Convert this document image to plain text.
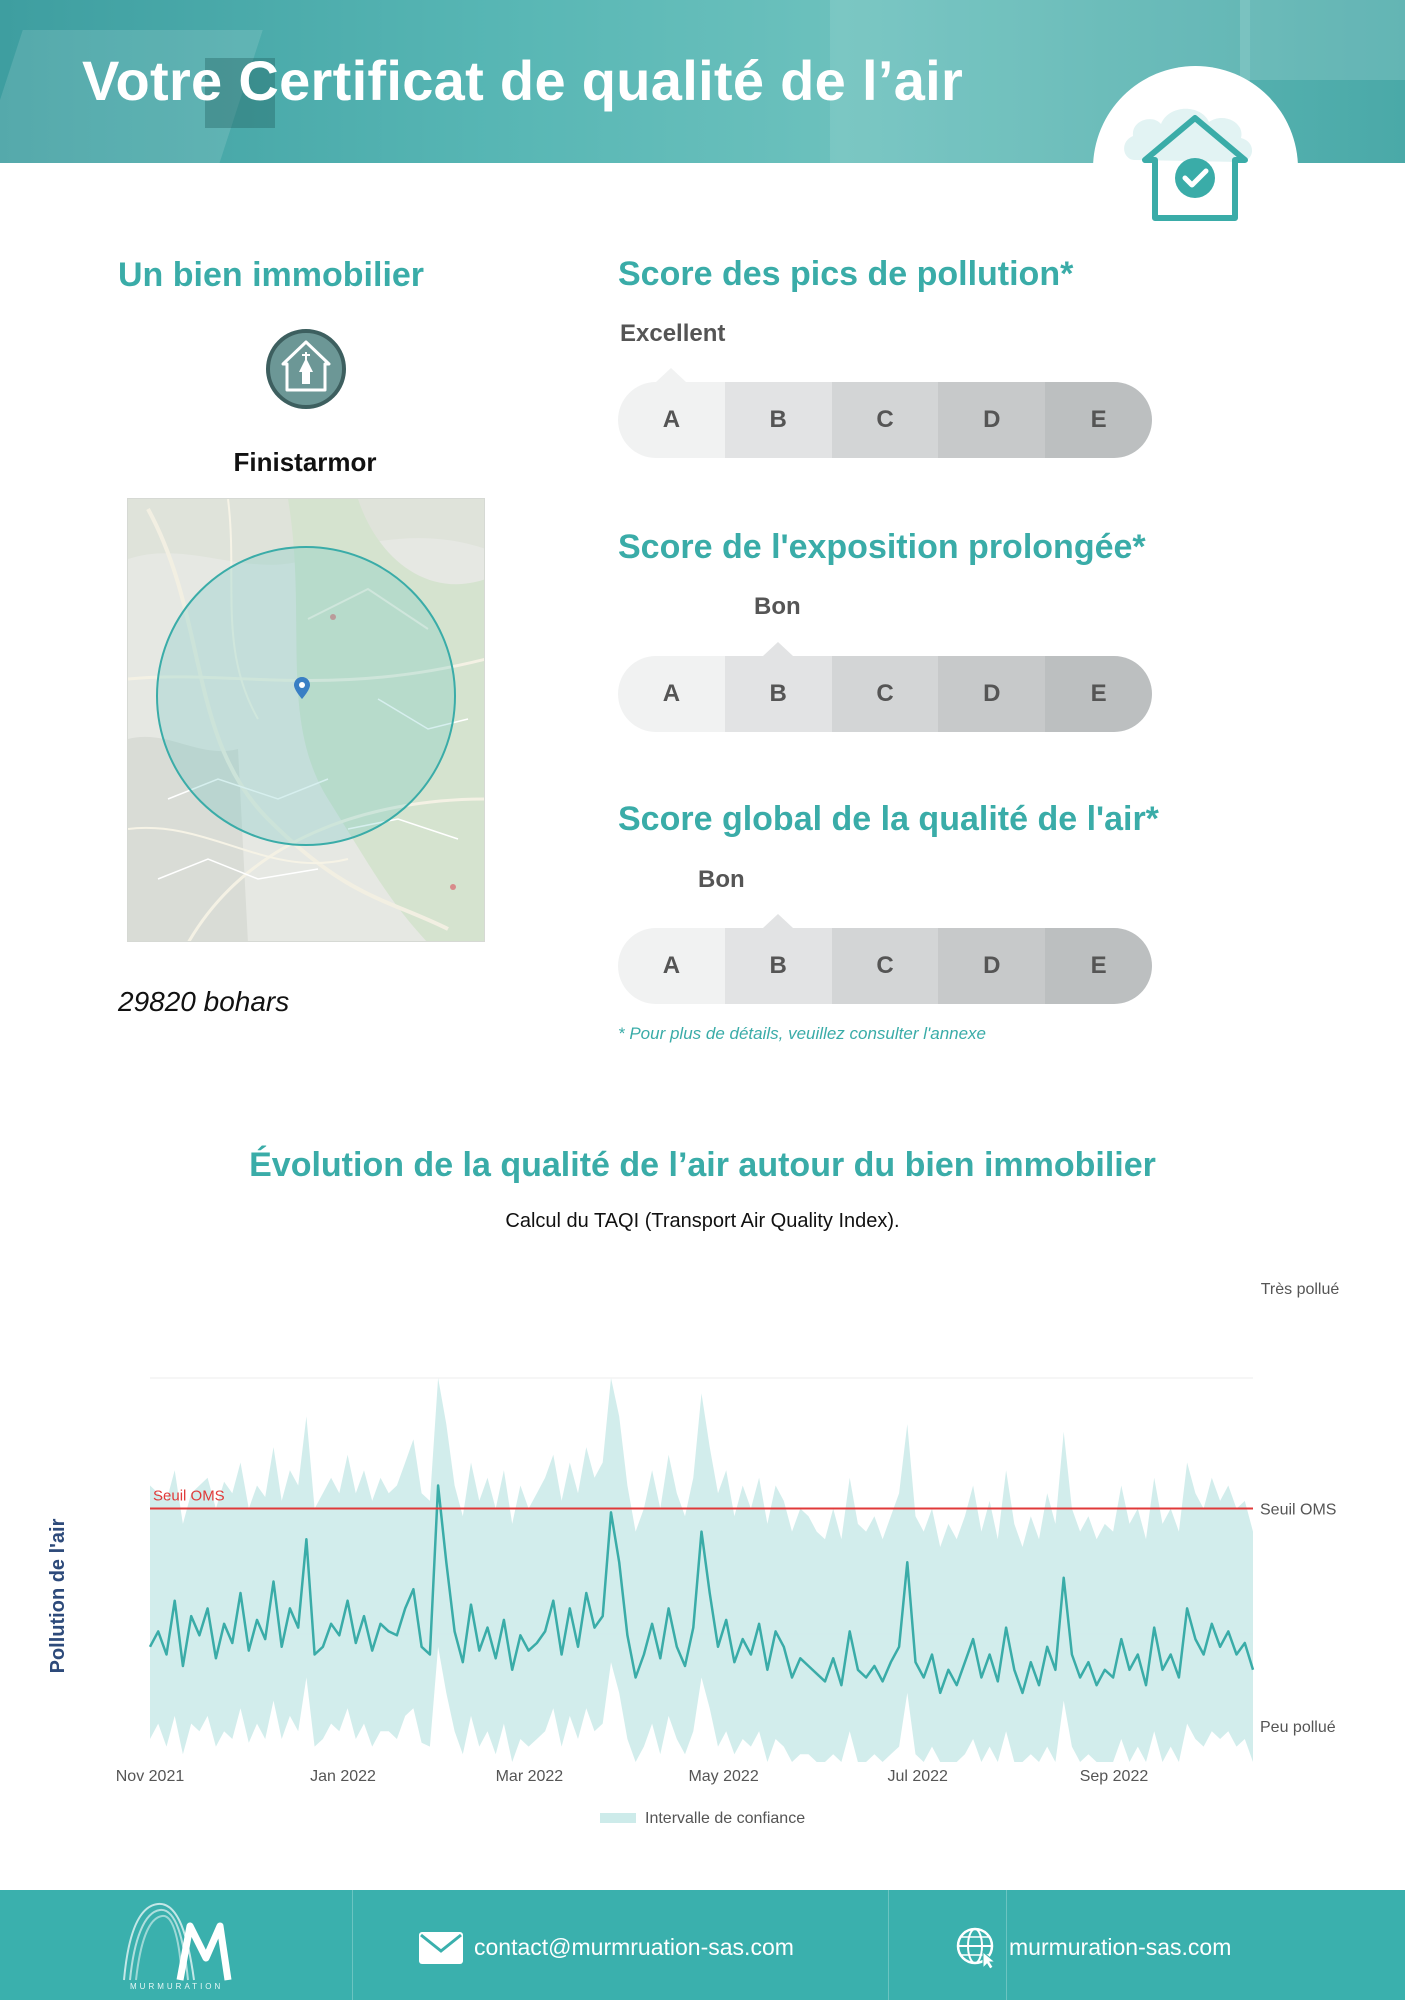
Votre Certificat de qualité de l’air
Un bien immobilier
Finistarmor
29820 bohars
Score des pics de pollution*
Excellent
A	B	C	D	E
Score de l'exposition prolongée*
Bon
A	B	C	D	E
Score global de la qualité de l'air*
Bon
A	B	C	D	E
* Pour plus de détails, veuillez consulter l'annexe
Évolution de la qualité de l’air autour du bien immobilier
Calcul du TAQI (Transport Air Quality Index).
Très pollué
Seuil OMS
Seuil OMS
Peu pollué
Pollution de l'air
Nov 2021	Jan 2022	Mar 2022	May 2022	Jul 2022	Sep 2022
Intervalle de confiance
MURMURATION
contact@murmruation-sas.com	murmuration-sas.com
